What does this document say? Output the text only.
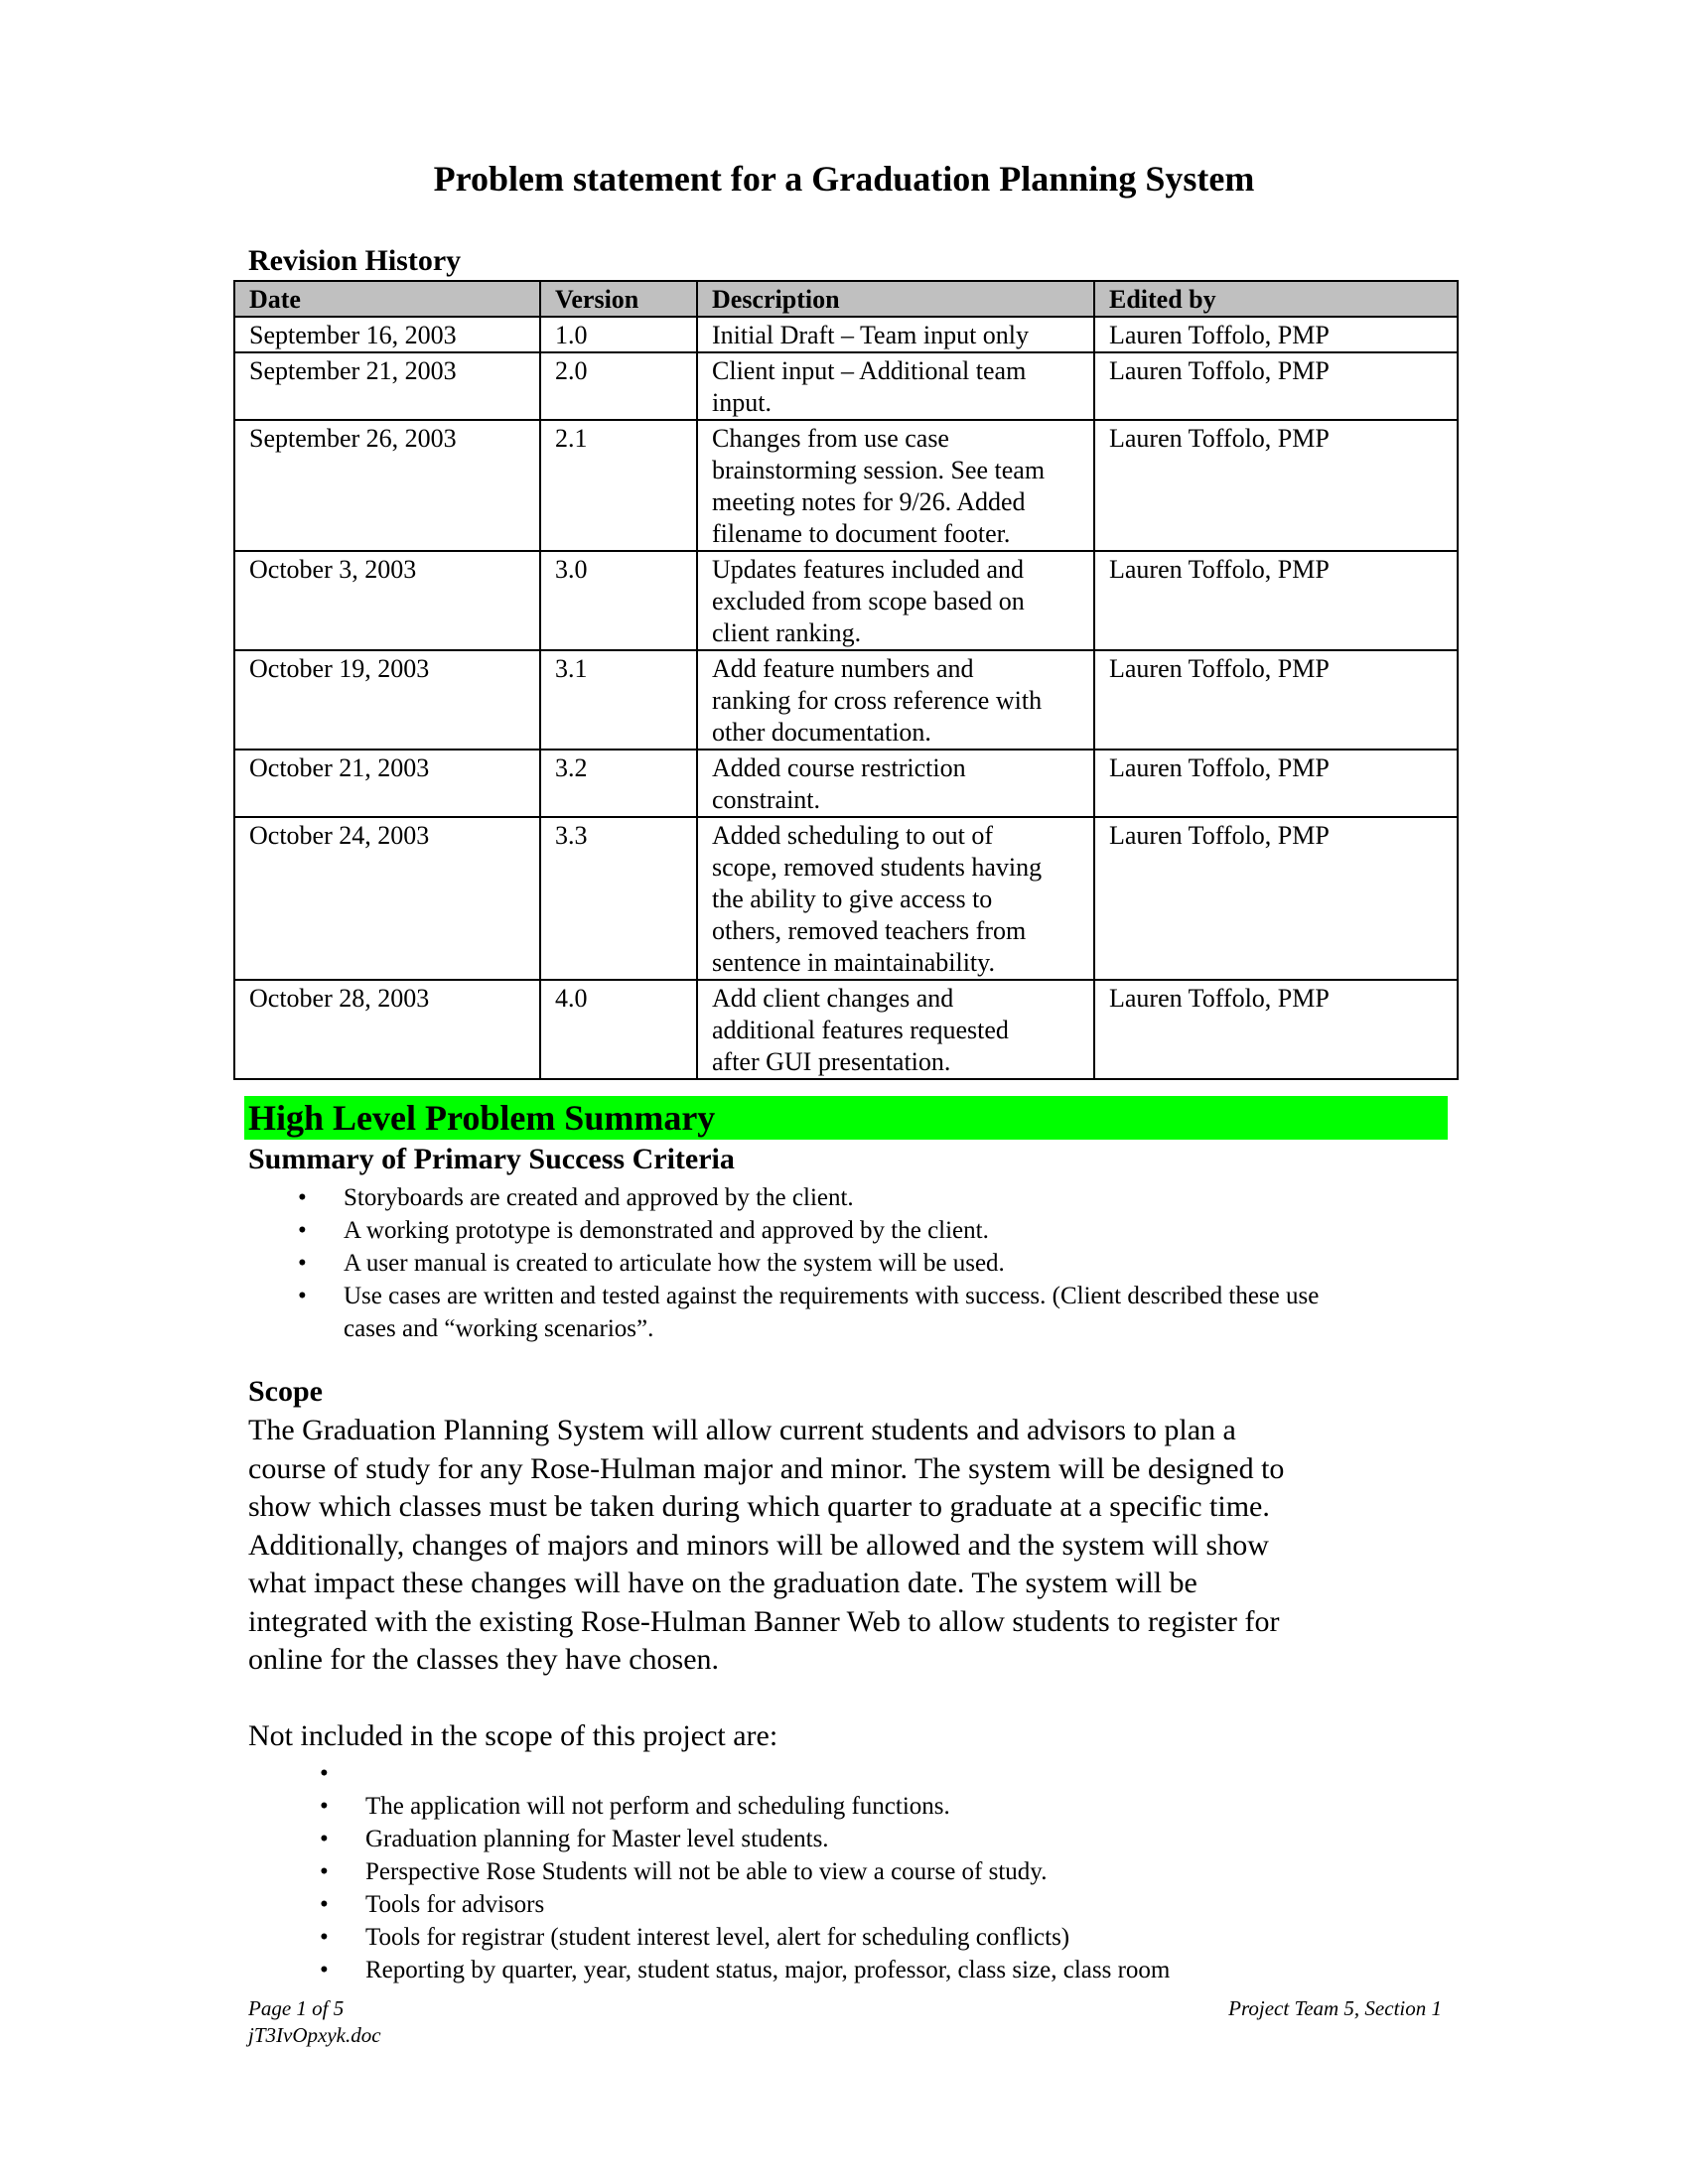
Problem statement for a Graduation Planning System
Revision History
Date	Version	Description	Edited by
September 16, 2003	1.0	Initial Draft – Team input only	Lauren Toffolo, PMP
September 21, 2003	2.0	Client input – Additional team
input.	Lauren Toffolo, PMP
September 26, 2003	2.1	Changes from use case
brainstorming session. See team
meeting notes for 9/26. Added
filename to document footer.	Lauren Toffolo, PMP
October 3, 2003	3.0	Updates features included and
excluded from scope based on
client ranking.	Lauren Toffolo, PMP
October 19, 2003	3.1	Add feature numbers and
ranking for cross reference with
other documentation.	Lauren Toffolo, PMP
October 21, 2003	3.2	Added course restriction
constraint.	Lauren Toffolo, PMP
October 24, 2003	3.3	Added scheduling to out of
scope, removed students having
the ability to give access to
others, removed teachers from
sentence in maintainability.	Lauren Toffolo, PMP
October 28, 2003	4.0	Add client changes and
additional features requested
after GUI presentation.	Lauren Toffolo, PMP
High Level Problem Summary
Summary of Primary Success Criteria
• Storyboards are created and approved by the client.
• A working prototype is demonstrated and approved by the client.
• A user manual is created to articulate how the system will be used.
• Use cases are written and tested against the requirements with success. (Client described these use
cases and “working scenarios”.
Scope
The Graduation Planning System will allow current students and advisors to plan a
course of study for any Rose-Hulman major and minor. The system will be designed to
show which classes must be taken during which quarter to graduate at a specific time.
Additionally, changes of majors and minors will be allowed and the system will show
what impact these changes will have on the graduation date. The system will be
integrated with the existing Rose-Hulman Banner Web to allow students to register for
online for the classes they have chosen.
Not included in the scope of this project are:
•
• The application will not perform and scheduling functions.
• Graduation planning for Master level students.
• Perspective Rose Students will not be able to view a course of study.
• Tools for advisors
• Tools for registrar (student interest level, alert for scheduling conflicts)
• Reporting by quarter, year, student status, major, professor, class size, class room
Page 1 of 5
jT3IvOpxyk.doc
Project Team 5, Section 1
